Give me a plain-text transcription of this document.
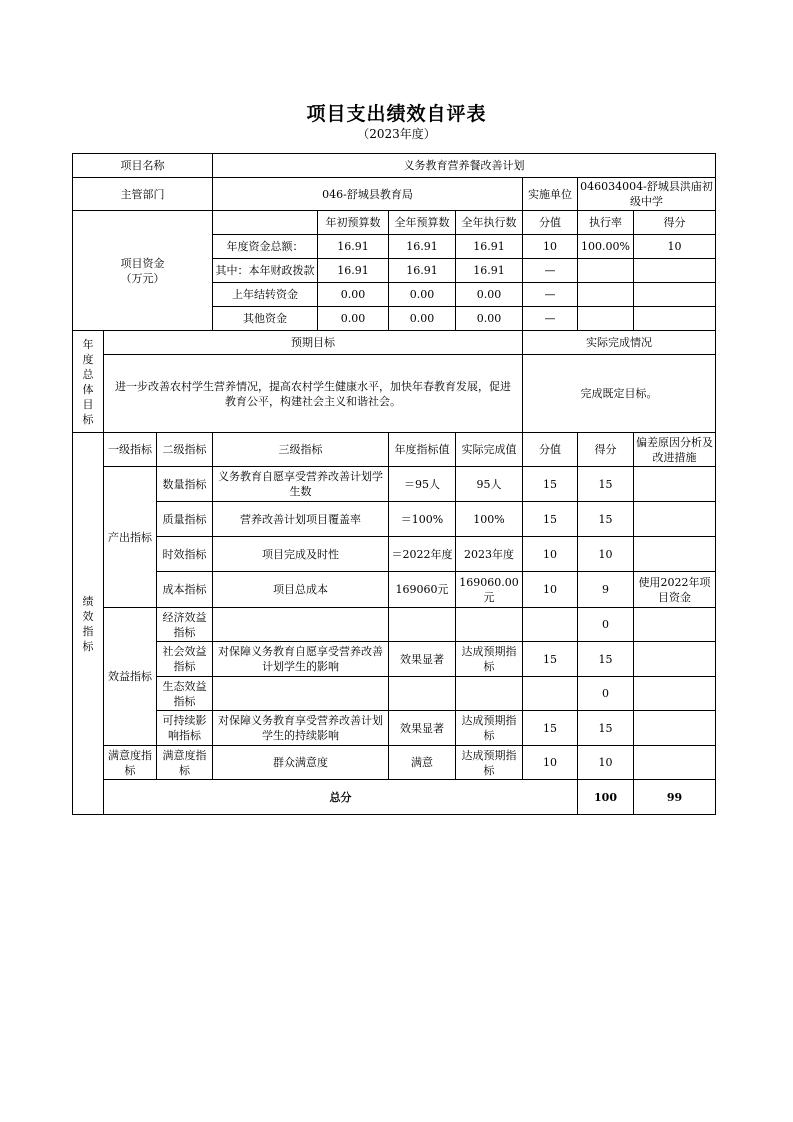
项目支出绩效自评表
（2023年度）
项目名称			义务教育营养餐改善计划							
主管部门			046-舒城县教育局				实施单位	046034004-舒城县洪庙初级中学		
项目资金（万元）				年初预算数	全年预算数	全年执行数	分值	执行率	得分	
			年度资金总额：	16.91	16.91	16.91	10	100.00%	10	
			其中：本年财政拨款	16.91	16.91	16.91	—			
			上年结转资金	0.00	0.00	0.00	—			
			其他资金	0.00	0.00	0.00	—			
年度总体目标	预期目标						实际完成情况			
	进一步改善农村学生营养情况，提高农村学生健康水平，加快年春教育发展，促进教育公平，构建社会主义和谐社会。						完成既定目标。			
绩效指标	一级指标	二级指标	三级指标		年度指标值	实际完成值	分值	得分	偏差原因分析及改进措施	
	产出指标	数量指标	义务教育自愿享受营养改善计划学生数		＝95人	95人	15	15		
		质量指标	营养改善计划项目覆盖率		＝100%	100%	15	15		
		时效指标	项目完成及时性		＝2022年度	2023年度	10	10		
		成本指标	项目总成本		169060元	169060.00元	10	9	使用2022年项目资金	
	效益指标	经济效益指标						0		
		社会效益指标	对保障义务教育自愿享受营养改善计划学生的影响		效果显著	达成预期指标	15	15		
		生态效益指标						0		
		可持续影响指标	对保障义务教育享受营养改善计划学生的持续影响		效果显著	达成预期指标	15	15		
	满意度指标	满意度指标	群众满意度		满意	达成预期指标	10	10		
	总分							100	99	
